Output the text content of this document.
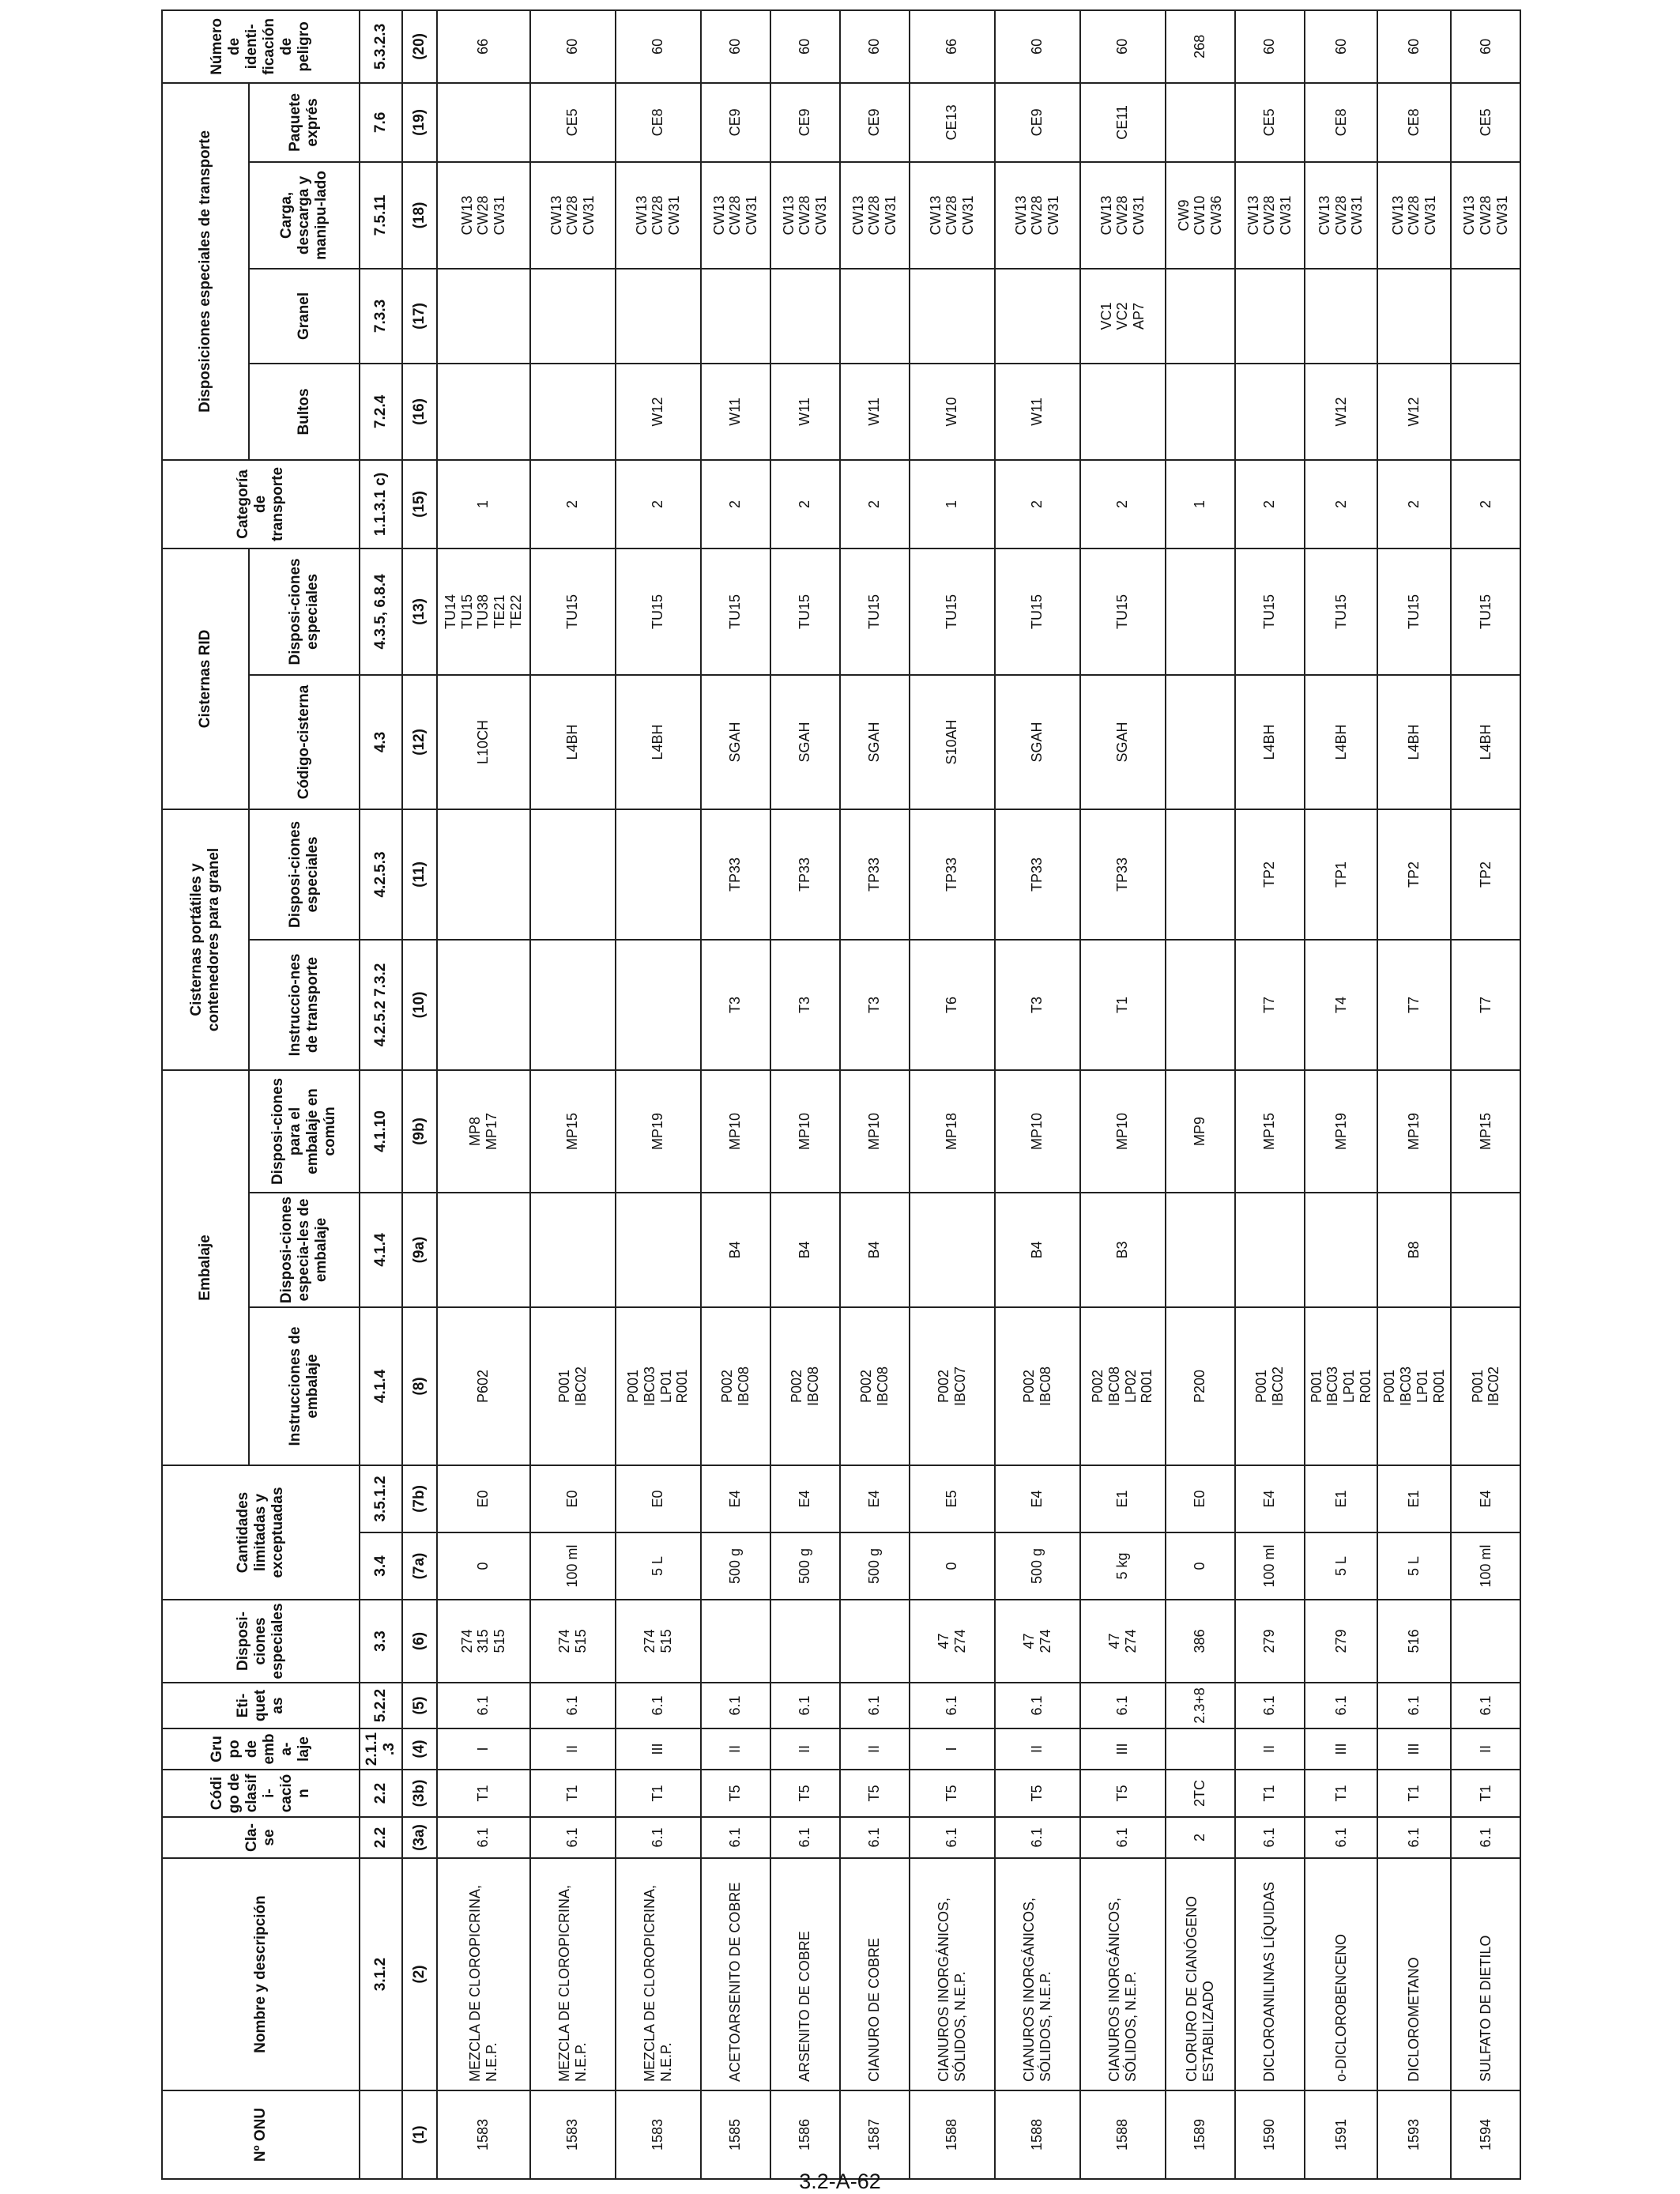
Nº ONU	Nombre y descripción	Cla-se	Código de clasifi-cación	Grupo de emba-laje	Eti-quetas	Disposi-ciones especiales	Cantidades limitadas y exceptuadas		Embalaje			Cisternas portátiles y contenedores para granel		Cisternas RID		Categoría de transporte	Disposiciones especiales de transporte				Número de identi-ficación de peligro
									Instrucciones de embalaje	Disposi-ciones especia-les de embalaje	Disposi-ciones para el embalaje en común	Instruccio-nes de transporte	Disposi-ciones especiales	Código-cisterna	Disposi-ciones especiales		Bultos	Granel	Carga, descarga y manipu-lado	Paquete exprés	
	3.1.2	2.2	2.2	2.1.1.3	5.2.2	3.3	3.4	3.5.1.2	4.1.4	4.1.4	4.1.10	4.2.5.2 7.3.2	4.2.5.3	4.3	4.3.5, 6.8.4	1.1.3.1 c)	7.2.4	7.3.3	7.5.11	7.6	5.3.2.3
(1)	(2)	(3a)	(3b)	(4)	(5)	(6)	(7a)	(7b)	(8)	(9a)	(9b)	(10)	(11)	(12)	(13)	(15)	(16)	(17)	(18)	(19)	(20)
1583	MEZCLA DE CLOROPICRINA, N.E.P.	6.1	T1	I	6.1	274
315
515	0	E0	P602		MP8
MP17			L10CH	TU14
TU15
TU38
TE21
TE22	1			CW13
CW28
CW31		66
1583	MEZCLA DE CLOROPICRINA, N.E.P.	6.1	T1	II	6.1	274
515	100 ml	E0	P001
IBC02		MP15			L4BH	TU15	2			CW13
CW28
CW31	CE5	60
1583	MEZCLA DE CLOROPICRINA, N.E.P.	6.1	T1	III	6.1	274
515	5 L	E0	P001
IBC03
LP01
R001		MP19			L4BH	TU15	2	W12		CW13
CW28
CW31	CE8	60
1585	ACETOARSENITO DE COBRE	6.1	T5	II	6.1		500 g	E4	P002
IBC08	B4	MP10	T3	TP33	SGAH	TU15	2	W11		CW13
CW28
CW31	CE9	60
1586	ARSENITO DE COBRE	6.1	T5	II	6.1		500 g	E4	P002
IBC08	B4	MP10	T3	TP33	SGAH	TU15	2	W11		CW13
CW28
CW31	CE9	60
1587	CIANURO DE COBRE	6.1	T5	II	6.1		500 g	E4	P002
IBC08	B4	MP10	T3	TP33	SGAH	TU15	2	W11		CW13
CW28
CW31	CE9	60
1588	CIANUROS INORGÁNICOS, SÓLIDOS, N.E.P.	6.1	T5	I	6.1	47
274	0	E5	P002
IBC07		MP18	T6	TP33	S10AH	TU15	1	W10		CW13
CW28
CW31	CE13	66
1588	CIANUROS INORGÁNICOS, SÓLIDOS, N.E.P.	6.1	T5	II	6.1	47
274	500 g	E4	P002
IBC08	B4	MP10	T3	TP33	SGAH	TU15	2	W11		CW13
CW28
CW31	CE9	60
1588	CIANUROS INORGÁNICOS, SÓLIDOS, N.E.P.	6.1	T5	III	6.1	47
274	5 kg	E1	P002
IBC08
LP02
R001	B3	MP10	T1	TP33	SGAH	TU15	2		VC1
VC2
AP7	CW13
CW28
CW31	CE11	60
1589	CLORURO DE CIANÓGENO ESTABILIZADO	2	2TC		2.3+8	386	0	E0	P200		MP9					1			CW9
CW10
CW36		268
1590	DICLOROANILINAS LÍQUIDAS	6.1	T1	II	6.1	279	100 ml	E4	P001
IBC02		MP15	T7	TP2	L4BH	TU15	2			CW13
CW28
CW31	CE5	60
1591	o-DICLOROBENCENO	6.1	T1	III	6.1	279	5 L	E1	P001
IBC03
LP01
R001		MP19	T4	TP1	L4BH	TU15	2	W12		CW13
CW28
CW31	CE8	60
1593	DICLOROMETANO	6.1	T1	III	6.1	516	5 L	E1	P001
IBC03
LP01
R001	B8	MP19	T7	TP2	L4BH	TU15	2	W12		CW13
CW28
CW31	CE8	60
1594	SULFATO DE DIETILO	6.1	T1	II	6.1		100 ml	E4	P001
IBC02		MP15	T7	TP2	L4BH	TU15	2			CW13
CW28
CW31	CE5	60
3.2-A-62
